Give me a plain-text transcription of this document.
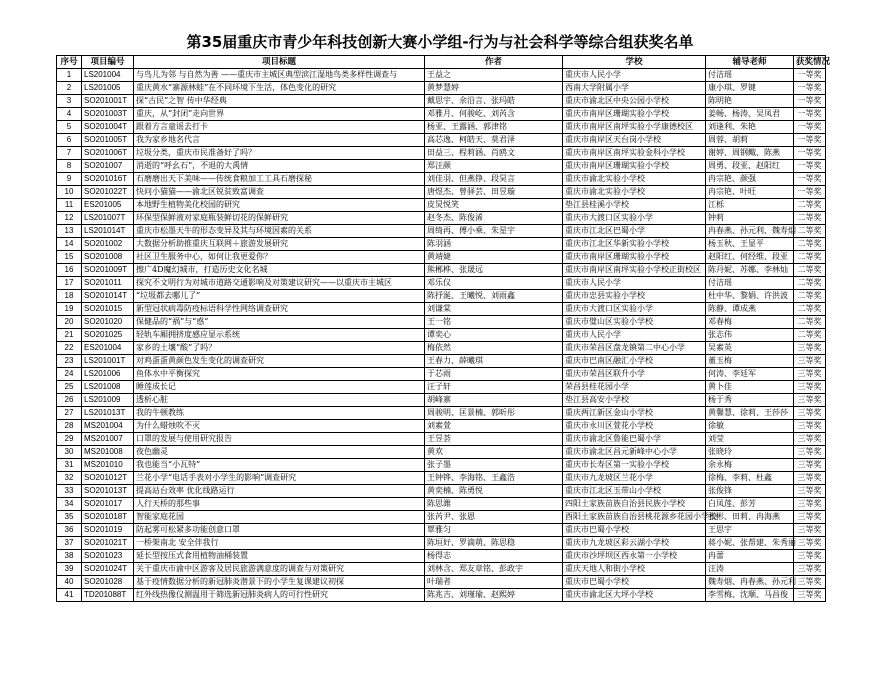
第35届重庆市青少年科技创新大赛小学组-行为与社会科学等综合组获奖名单
序号	项目编号	项目标题	作者	学校	辅导老师	获奖情况
1	LS201004	与鸟儿为邻 与自然为善 ——重庆市主城区典型滨江湿地鸟类多样性调查与	王益之	重庆市人民小学	付洁瑶	一等奖
2	LS201005	重庆黄水“寨源林蛙”在不同环境下生活，体色变化的研究	黄梦慧婷	西南大学附属小学	康小琪、罗键	一等奖
3	SO201001T	探“古民”之智 传中华经典	戴思宇、余沿言、张玛皓	重庆市渝北区中央公园小学校	陈明艳	一等奖
4	SO201003T	重庆，从“封闭”走向世界	邓雅月、何骏屹、刘芮含	重庆市南岸区珊瑚实验小学校	姜畅、杨涛、吴凤君	一等奖
5	SO201004T	跟着方言童谣去打卡	杨亚、王露涵、郭津铭	重庆市南岸区南坪实验小学康德校区	刘逢利、朱艳	一等奖
6	SO201005T	我为家乡地名代言	高芯逸、柯皓天、莫君泽	重庆市南岸区天台岗小学校	周蓉、胡莉	一等奖
7	SO201006T	垃圾分类，重庆市民准备好了吗？	田益三、程莉涵、肖鸥文	重庆市南岸区南坪实验金科小学校	谢婷、周钢鲰、陈燕	一等奖
8	SO201007	消逝的“呼幺石”，不退的大禹情	郑汪颜	重庆市南岸区珊瑚实验小学校	周勇、段亚、赵阳红	一等奖
9	SO201016T	石磨磨出天下美味——传统食粮加工工具石磨探秘	刘佳羽、但燕铮、段昊言	重庆市渝北实验小学校	冉宗艳、颜强	一等奖
10	SO201022T	快问小猫猫——渝北区锐贫致富调查	唐煜杰、曾驿芸、田昱璇	重庆市渝北实验小学校	冉宗艳、叶旺	一等奖
11	ES201005	本地野生植物美化校园的研究	皮炅悦笑	垫江县桂溪小学校	江栎	二等奖
12	LS201007T	环保型保鲜液对家庭瓶装鲜切花的保鲜研究	赵冬杰、陈俊浠	重庆市大渡口区实验小学	钟莉	二等奖
13	LS201014T	重庆市松墨天牛的形态变异及其与环境因素的关系	周绮再、傅小乘、朱星宇	重庆市江北区巴蜀小学	冉春燕、孙元利、魏寿烟	二等奖
14	SO201002	大数据分析助推重庆互联网＋旅游发展研究	陈羽涵	重庆市江北区华新实验小学校	杨玉秋、王显平	二等奖
15	SO201008	社区卫生服务中心，如何让我更爱你？	黄靖婕	重庆市南岸区珊瑚实验小学校	赵阳红、何经维、段亚	二等奖
16	SO201009T	擦广4D魔幻城市，打造历史文化名城	熊郴桦、张晟远	重庆市南岸区南坪实验小学校正街校区	陈丹妮、苏娜、李林灿	二等奖
17	SO201011	探究不文明行为对城市道路交通影响及对策建议研究——以重庆市主城区	邓乐仪	重庆市人民小学	付洁瑶	二等奖
18	SO201014T	“垃圾都去哪儿了”	陈抒涎、王曦悦、刘雨鑫	重庆市忠县实验小学校	杜中华、黎娟、许洪波	二等奖
19	SO201015	新型冠状病毒防疫标语科学性网络调查研究	刘谦棠	重庆市大渡口区实验小学	陈静、谭成燕	二等奖
20	SO201020	保健品的“祸”与“惑”	王一铭	重庆市璧山区实验小学校	邓春梅	二等奖
21	SO201025	轻轨车厢拥挤度感应显示系统	谭奕心	重庆市人民小学	张志伟	二等奖
22	ES201004	家乡的土壤“酸”了吗？	梅依然	重庆市荣昌区盘龙镇第二中心小学	吴素英	三等奖
23	LS201001T	对鸡蛋蛋黄颜色发生变化的调查研究	王春力、薛曦琪	重庆市巴南区融汇小学校	董玉梅	三等奖
24	LS201006	鱼体水中平衡探究	于芯雨	重庆市荣昌区联升小学	何涛、李廷军	三等奖
25	LS201008	睡莲成长记	汪子轩	荣昌县桂花园小学	黄卜佳	三等奖
26	LS201009	透析心脏	胡峰寨	垫江县高安小学校	杨于秀	三等奖
27	LS201013T	我的牛顿教练	周骏明、匡景楠、郭昕彤	重庆两江新区金山小学校	黄馨慧、徐莉、王莎莎	三等奖
28	MS201004	为什么蜡烛吹不灭	刘素萱	重庆市永川区萱花小学校	徐敏	三等奖
29	MS201007	口罩的发展与使用研究报告	王昱荟	重庆市渝北区鲁能巴蜀小学	刘莹	三等奖
30	MS201008	夜色幽灵	黄欢	重庆市渝北区昌元新峰中心小学	张晓玲	三等奖
31	MS201010	我也能当“小瓦特”	张子墨	重庆市长寿区第一实验小学校	余永梅	三等奖
32	SO201012T	兰花小学“电话手表对小学生的影响”调查研究	王钟铧、李海铭、王鑫浩	重庆市九龙坡区兰花小学	徐梅、李莉、杜鑫	三等奖
33	SO201013T	提高站台效率 优化线路运行	黄奕楠、陈勇悦	重庆市江北区玉带山小学校	张俊锋	三等奖
34	SO201017	人行天桥的那些事	陈思潍	四阳土家族苗族自治县民族小学校	白凤莲、彭芳	三等奖
35	SO201018T	智能家庭花园	张芮尹、张恩	酉阳土家族苗族自治县桃花源乡花园小学校	张彬、田莉、冉海燕	三等奖
36	SO201019	防起雾可松紧多功能创意口罩	覃雅匀	重庆市巴蜀小学校	王思宇	三等奖
37	SO201021T	一桥架南北 安全伴我行	陈垣好、罗滴萌、陈思稳	重庆市九龙坡区彩云湖小学校	蒋小妮、张帮建、朱秀丽	三等奖
38	SO201023	延长型按压式食用植物油桶装置	杨得志	重庆市沙坪坝区西永第一小学校	冉蕾	三等奖
39	SO201024T	关于重庆市渝中区游客及居民旅游满意度的调查与对策研究	刘林含、郑友章铭、彭政宇	重庆天地人和街小学校	汪涛	三等奖
40	SO201028	基于疫情数据分析的新冠肺炎潜景下的小学生复课建议初探	叶瑞者	重庆市巴蜀小学校	魏寿烟、冉春燕、孙元利	三等奖
41	TD201088T	红外线热像仪测温用于筛选新冠肺炎病人的可行性研究	陈兆吉、刘瑾瑜、赵熙婷	重庆市渝北区大坪小学校	李雪梅、沈顺、马昌俊	三等奖
